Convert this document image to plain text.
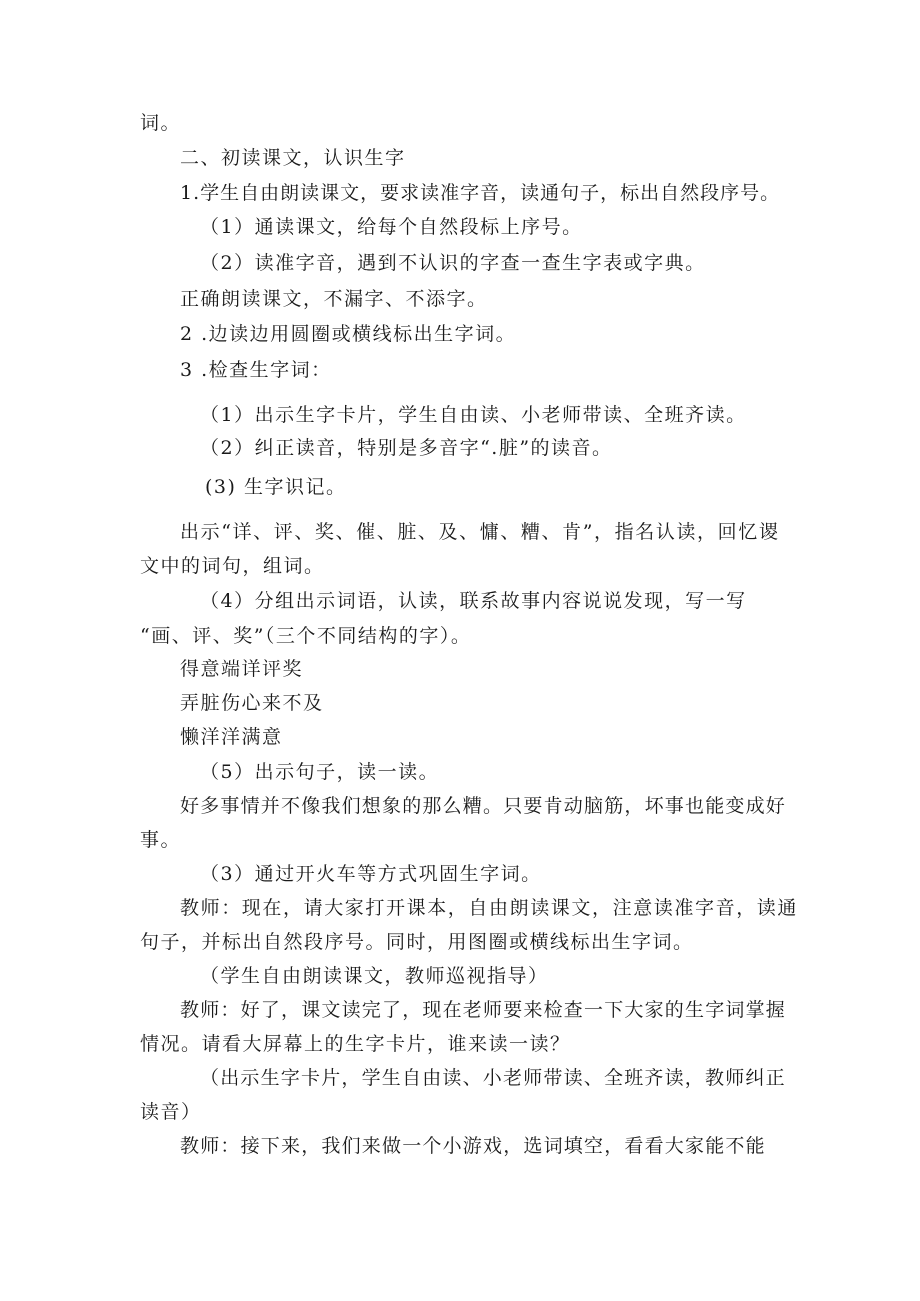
词。
二、初读课文，认识生字
1.学生自由朗读课文，要求读准字音，读通句子，标出自然段序号。
（1）通读课文，给每个自然段标上序号。
（2）读准字音，遇到不认识的字查一查生字表或字典。
正确朗读课文，不漏字、不添字。
2 .边读边用圆圈或横线标出生字词。
3 .检查生字词：
（1）出示生字卡片，学生自由读、小老师带读、全班齐读。
（2）纠正读音，特别是多音字“.脏”的读音。
(3) 生字识记。
出示“详、评、奖、催、脏、及、慵、糟、肯”，指名认读，回忆谡
文中的词句，组词。
（4）分组出示词语，认读，联系故事内容说说发现，写一写
“画、评、奖”（三个不同结构的字）。
得意端详评奖
弄脏伤心来不及
懒洋洋满意
（5）出示句子，读一读。
好多事情并不像我们想象的那么糟。只要肯动脑筋，坏事也能变成好
事。
（3）通过开火车等方式巩固生字词。
教师：现在，请大家打开课本，自由朗读课文，注意读准字音，读通
句子，并标出自然段序号。同时，用图圈或横线标出生字词。
（学生自由朗读课文，教师巡视指导）
教师：好了，课文读完了，现在老师要来检查一下大家的生字词掌握
情况。请看大屏幕上的生字卡片，谁来读一读？
（出示生字卡片，学生自由读、小老师带读、全班齐读，教师纠正
读音）
教师：接下来，我们来做一个小游戏，选词填空，看看大家能不能
